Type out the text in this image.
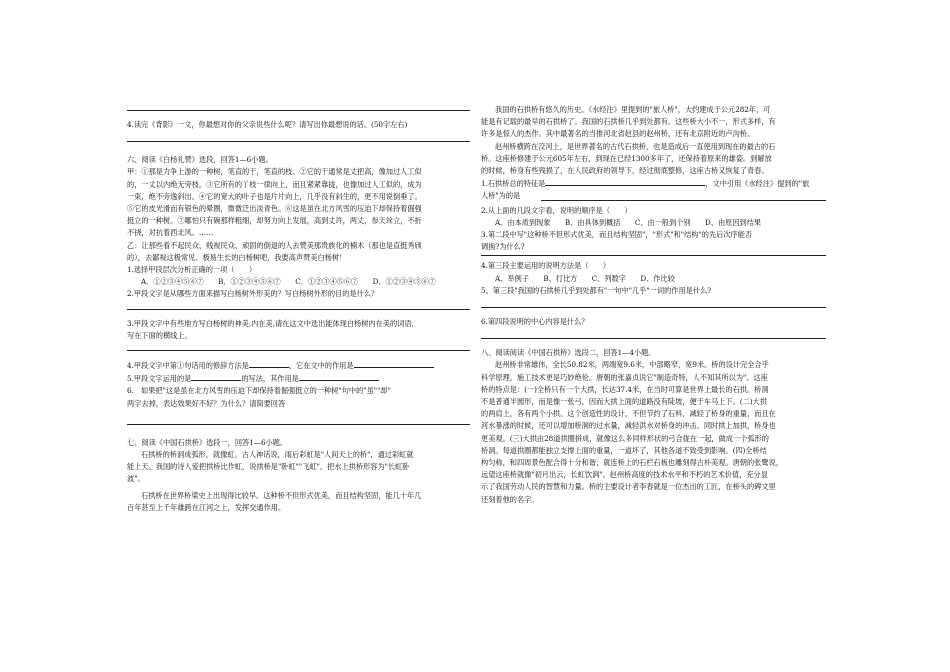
4.读完《背影》一文，你最想对你的父亲说些什么呢？请写出你最想说的话。(50字左右)
六、阅读《白杨礼赞》选段，回答1—6小题。
甲：①那是力争上游的一种树，笔直的干，笔直的枝。②它的干通常是丈把高，像加过人工似
的，一丈以内绝无旁枝。③它所有的丫枝一律向上，而且紧紧靠拢，也像加过人工似的，成为
一束，绝不旁逸斜出。④它的宽大的叶子也是片片向上，几乎没有斜生的，更不用说倒垂了。
⑤它的皮光滑而有银色的晕圈，微微泛出淡青色。⑥这是虽在北方风雪的压迫下却保持着倔强
挺立的一种树。⑦哪怕只有碗那样粗细，却努力向上发展，高到丈许，两丈，参天耸立，不折
不挠，对抗着西北风。……
乙：让那些看不起民众、贱视民众、顽固的倒退的人去赞美那贵族化的楠木（那也是直挺秀颀
的），去鄙视这极常见、极易生长的白杨树吧，我要高声赞美白杨树！
1.选择甲段层次分析正确的一项（　　）
A．①②③④⑤⑥⑦　　B．①②③④⑤⑥⑦　　C．①②③④⑤⑥⑦　　D．①②③④⑤⑥⑦
2.甲段文字是从哪些方面来描写白杨树外形美的？写白杨树外形的目的是什么？
3.甲段文字中有些地方写白杨树的神美,内在美,请在这文中选出能体现白杨树内在美的词语,
写在下面的横线上。
4.甲段文字中第①句话用的修辞方法是	，它在文中的作用是
5.甲段文字运用的是	的写法，其作用是
6.　如果把"这是虽在北方风雪的压迫下却保持着倔强挺立的一种树"句中的"虽""却"
两字去掉，表达效果好不好？为什么？请简要回答
七、阅读《中国石拱桥》选段一，回答1—6小题。
石拱桥的桥洞成弧形，就像虹。古人神话说，雨后彩虹是"人间天上的桥"，通过彩虹就
能上天。我国的诗人爱把拱桥比作虹，说拱桥是"卧虹""飞虹"，把水上拱桥形容为"长虹卧
波"。
石拱桥在世界桥梁史上出现得比较早。这种桥不但形式优美，而且结构坚固，能几十年几
百年甚至上千年雄跨在江河之上，发挥交通作用。
我国的石拱桥有悠久的历史。《水经注》里提到的"旅人桥"，大约建成于公元282年，可
能是有记载的最早的石拱桥了。我国的石拱桥几乎到处都有。这些桥大小不一，形式多样，有
许多是惊人的杰作。其中最著名的当推河北省赵县的赵州桥，还有北京附近的卢沟桥。
赵州桥横跨在洨河上，是世界著名的古代石拱桥，也是造成后一直使用到现在的最古的石
桥。这座桥修建于公元605年左右，到现在已经1300多年了，还保持着原来的雄姿。到解放
的时候，桥身有些残损了，在人民政府的领导下，经过彻底整修，这座古桥又恢复了青春。
1.石拱桥总的特征是	，文中引用《水经注》提到的"旅
人桥"为的是
2.从上面的几段文字看，说明的顺序是（　　）
A、由本质到现象　　B、由具体到概括　　C、由一般到个别　　D、由原因到结果
3.第二段中写"这种桥不但形式优美，而且结构坚固"，"形式"和"结构"的先后次序能否
调换?为什么?
4.第三段主要运用的说明方法是（　　）
A、举例子　　B、打比方　　C、列数字　　D、作比较
5、第三段"我国的石拱桥几乎到处都有"一句中"几乎"一词的作用是什么?
6.第四段说明的中心内容是什么？
八、阅读阅读《中国石拱桥》选段二，回答1—4小题。
赵州桥非常雄伟，全长50.82米，两端宽9.6米，中部略窄，宽9米。桥的设计完全合乎
科学原理，施工技术更是巧妙绝伦。唐朝的张嘉贞说它"制造奇特，人不知其所以为"。这座
桥的特点是：(一)全桥只有一个大拱，长达37.4米，在当时可算是世界上最长的石拱。桥洞
不是普通半圆形，而是像一张弓，因而大拱上面的道路没有陡坡，便于车马上下。(二)大拱
的两肩上，各有两个小拱。这个创造性的设计，不但节约了石料，减轻了桥身的重量，而且在
河水暴涨的时候，还可以增加桥洞的过水量，减轻洪水对桥身的冲击。同时拱上加拱，桥身也
更美观。(三)大拱由28道拱圈拼成，就像这么多同样形状的弓合拢在一起，做成一个弧形的
桥洞。每道拱圈都能独立支撑上面的重量，一道坏了，其他各道不致受到影响。(四)全桥结
构匀称，和四周景色配合得十分和谐；就连桥上的石栏石板也雕刻得古朴美观。唐朝的张鹭说，
远望这座桥就像"初月出云，长虹饮涧"。赵州桥高度的技术水平和不朽的艺术价值，充分显
示了我国劳动人民的智慧和力量。桥的主要设计者李春就是一位杰出的工匠，在桥头的碑文里
还刻着他的名字。
